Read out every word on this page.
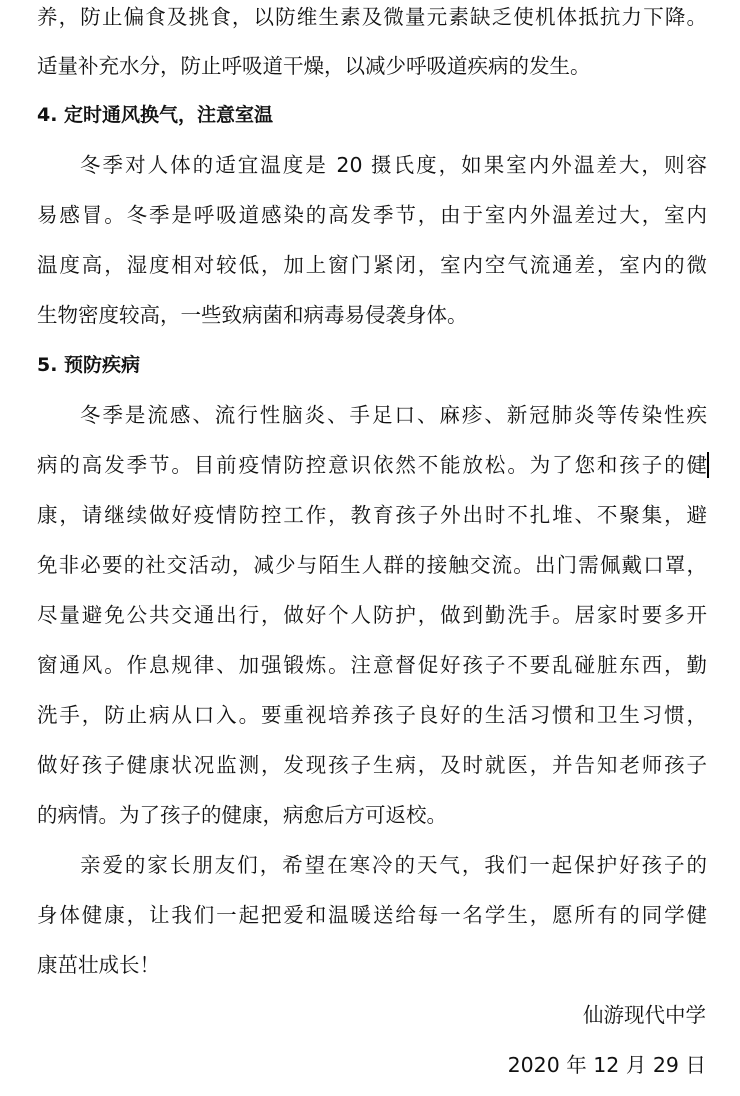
养，防止偏食及挑食，以防维生素及微量元素缺乏使机体抵抗力下降。
适量补充水分，防止呼吸道干燥，以减少呼吸道疾病的发生。
4. 定时通风换气，注意室温
冬季对人体的适宜温度是 20 摄氏度，如果室内外温差大，则容
易感冒。冬季是呼吸道感染的高发季节，由于室内外温差过大，室内
温度高，湿度相对较低，加上窗门紧闭，室内空气流通差，室内的微
生物密度较高，一些致病菌和病毒易侵袭身体。
5. 预防疾病
冬季是流感、流行性脑炎、手足口、麻疹、新冠肺炎等传染性疾
病的高发季节。目前疫情防控意识依然不能放松。为了您和孩子的健
康，请继续做好疫情防控工作，教育孩子外出时不扎堆、不聚集，避
免非必要的社交活动，减少与陌生人群的接触交流。出门需佩戴口罩，
尽量避免公共交通出行，做好个人防护，做到勤洗手。居家时要多开
窗通风。作息规律、加强锻炼。注意督促好孩子不要乱碰脏东西，勤
洗手，防止病从口入。要重视培养孩子良好的生活习惯和卫生习惯，
做好孩子健康状况监测，发现孩子生病，及时就医，并告知老师孩子
的病情。为了孩子的健康，病愈后方可返校。
亲爱的家长朋友们，希望在寒冷的天气，我们一起保护好孩子的
身体健康，让我们一起把爱和温暖送给每一名学生，愿所有的同学健
康茁壮成长！
仙游现代中学
2020 年 12 月 29 日
